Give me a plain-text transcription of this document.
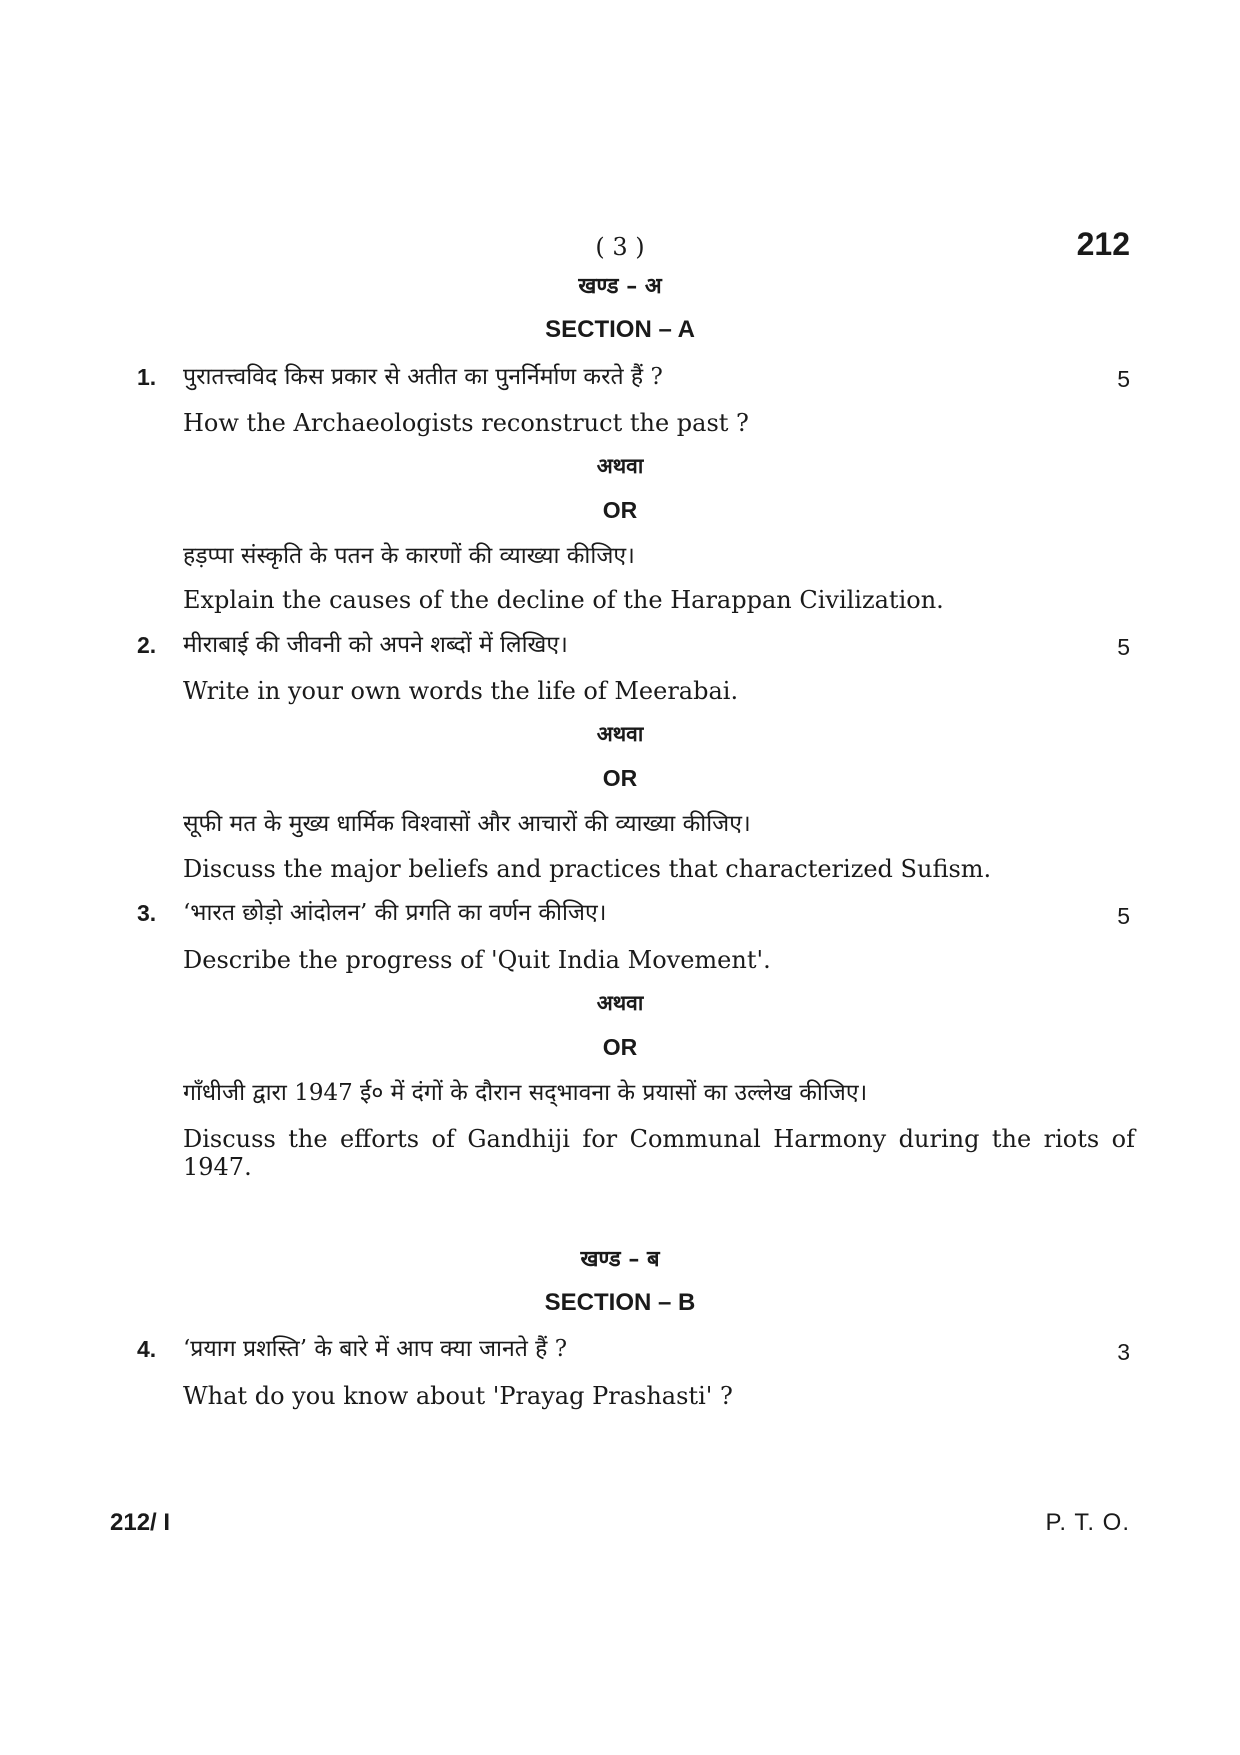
( 3 )	212
खण्ड – अ
SECTION – A
1.	पुरातत्त्वविद किस प्रकार से अतीत का पुनर्निर्माण करते हैं ?	5
How the Archaeologists reconstruct the past ?
अथवा
OR
हड़प्पा संस्कृति के पतन के कारणों की व्याख्या कीजिए।
Explain the causes of the decline of the Harappan Civilization.
2.	मीराबाई की जीवनी को अपने शब्दों में लिखिए।	5
Write in your own words the life of Meerabai.
अथवा
OR
सूफी मत के मुख्य धार्मिक विश्वासों और आचारों की व्याख्या कीजिए।
Discuss the major beliefs and practices that characterized Sufism.
3.	‘भारत छोड़ो आंदोलन’ की प्रगति का वर्णन कीजिए।	5
Describe the progress of 'Quit India Movement'.
अथवा
OR
गाँधीजी द्वारा 1947 ई० में दंगों के दौरान सद्‌भावना के प्रयासों का उल्लेख कीजिए।
Discuss the efforts of Gandhiji for Communal Harmony during the riots of 1947.
खण्ड – ब
SECTION – B
4.	‘प्रयाग प्रशस्ति’ के बारे में आप क्या जानते हैं ?	3
What do you know about 'Prayag Prashasti' ?
212/ I	P. T. O.
